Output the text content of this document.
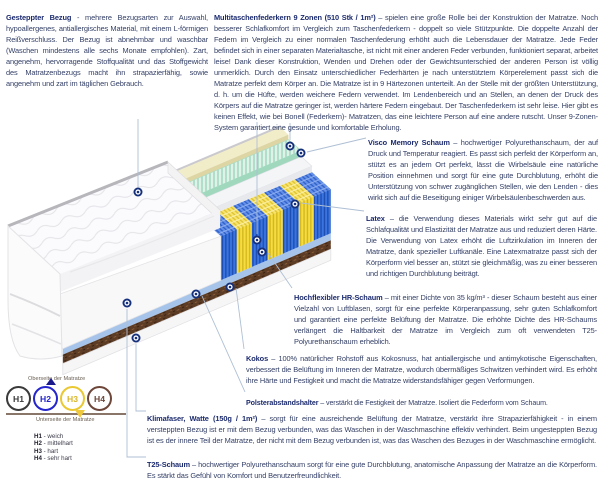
Gesteppter Bezug - mehrere Bezugsarten zur Auswahl, hypoallergenes, antiallergisches Material, mit einem L-förmigen Reißverschluss. Der Bezug ist abnehmbar und waschbar (Waschen mindestens alle sechs Monate empfohlen). Zart, angenehm, hervorragende Stoffqualität und das Stoffgewicht des Matratzenbezugs macht ihn strapazierfähig, sowie angenehm und zart im täglichen Gebrauch.

Multitaschenfederkern 9 Zonen (510 Stk / 1m²) – spielen eine große Rolle bei der Konstruktion der Matratze. Noch besserer Schlafkomfort im Vergleich zum Taschenfederkern - doppelt so viele Stützpunkte. Die doppelte Anzahl der Federn im Vergleich zu einer normalen Taschenfederung erhöht auch die Lebensdauer der Matratze. Jede Feder befindet sich in einer separaten Materialtasche, ist nicht mit einer anderen Feder verbunden, funktioniert separat, arbeitet leise! Dank dieser Konstruktion, Wenden und Drehen oder der Gewichtsunterschied der anderen Person ist völlig unmerklich. Durch den Einsatz unterschiedlicher Federhärten je nach unterstütztem Körperelement passt sich die Matratze perfekt dem Körper an. Die Matratze ist in 9 Härtezonen unterteilt. An der Stelle mit der größten Unterstützung, d. h. um die Hüfte, werden weichere Federn verwendet. Im Lendenbereich und an Stellen, an denen der Druck des Körpers auf die Matratze geringer ist, werden härtere Federn eingebaut. Der Taschenfederkern ist sehr leise. Hier gibt es keinen Effekt, wie bei Bonell (Federkern)- Matratzen, das eine leichtere Person auf eine andere rutscht. Unser 9-Zonen-System garantiert eine gesunde und komfortable Erholung.

Visco Memory Schaum – hochwertiger Polyurethanschaum, der auf Druck und Temperatur reagiert. Es passt sich perfekt der Körperform an, stützt es an jedem Ort perfekt, lässt die Wirbelsäule eine natürliche Position einnehmen und sorgt für eine gute Durchblutung, erhöht die Unterstützung von schwer zugänglichen Stellen, wie den Lenden - dies wirkt sich auf die Beseitigung einiger Wirbelsäulenbeschwerden aus.

Latex – die Verwendung dieses Materials wirkt sehr gut auf die Schlafqualität und Elastizität der Matratze aus und reduziert deren Härte. Die Verwendung von Latex erhöht die Luftzirkulation im Inneren der Matratze, dank spezieller Luftkanäle. Eine Latexmatratze passt sich der Körperform viel besser an, stützt sie gleichmäßig, was zu einer besseren und richtigen Durchblutung beiträgt.

Hochflexibler HR-Schaum – mit einer Dichte von 35 kg/m³ - dieser Schaum besteht aus einer Vielzahl von Luftblasen, sorgt für eine perfekte Körperanpassung, sehr guten Schlafkomfort und garantiert eine perfekte Belüftung der Matratze. Die erhöhte Dichte des HR-Schaums verlängert die Haltbarkeit der Matratze im Vergleich zum oft verwendeten T25-Polyurethanschaum erheblich.

Kokos – 100% natürlicher Rohstoff aus Kokosnuss, hat antiallergische und antimykotische Eigenschaften, verbessert die Belüftung im Inneren der Matratze, wodurch übermäßiges Schwitzen verhindert wird. Es erhöht ihre Härte und Festigkeit und macht die Matratze widerstandsfähiger gegen Verformungen.

Polsterabstandshalter – verstärkt die Festigkeit der Matratze. Isoliert die Federform vom Schaum.

Klimafaser, Watte (150g / 1m²) – sorgt für eine ausreichende Belüftung der Matratze, verstärkt ihre Strapazierfähigkeit - in einem versteppten Bezug ist er mit dem Bezug verbunden, was das Waschen in der Waschmaschine effektiv verhindert. Beim ungesteppten Bezug ist es der innere Teil der Matratze, der nicht mit dem Bezug verbunden ist, was das Waschen des Bezuges in der Waschmaschine ermöglicht.

T25-Schaum – hochwertiger Polyurethanschaum sorgt für eine gute Durchblutung, anatomische Anpassung der Matratze an die Körperform. Es stärkt das Gefühl von Komfort und Benutzerfreundlichkeit.

Oberseite der Matratze
H1	H2	H3	H4
Unterseite der Matratze
H1 - weich
H2 - mittelhart
H3 - hart
H4 - sehr hart
